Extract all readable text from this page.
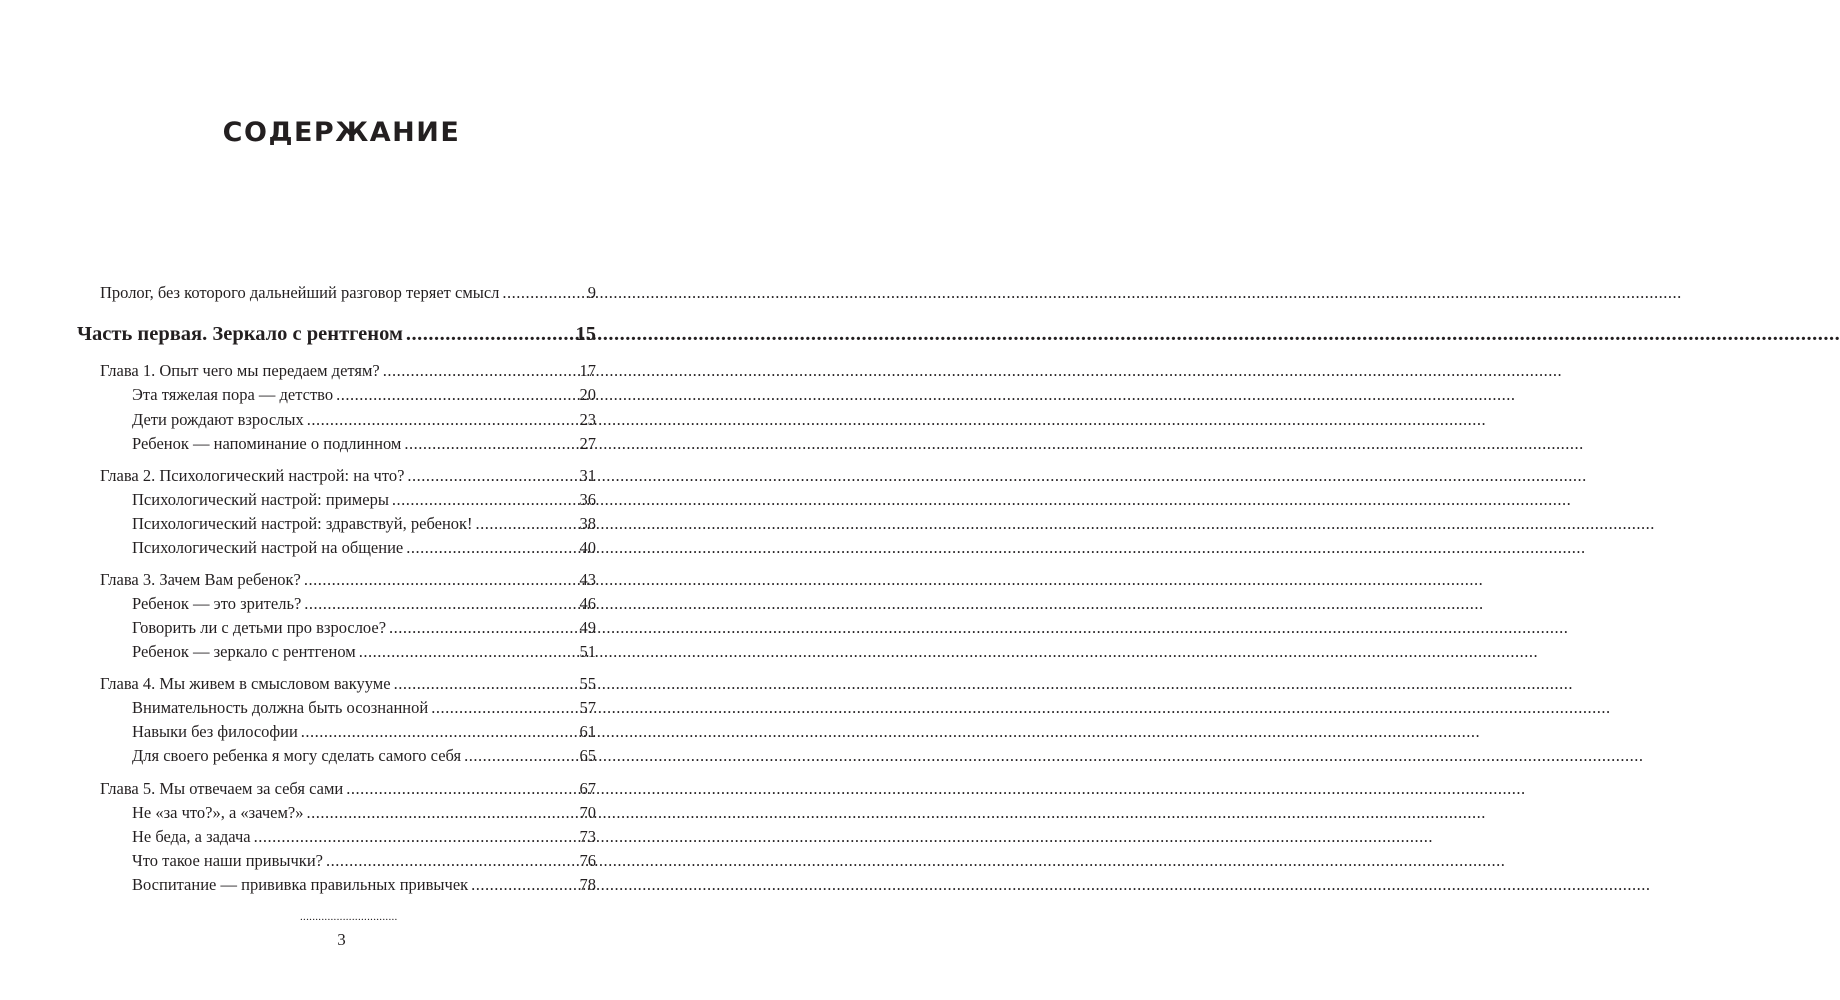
СОДЕРЖАНИЕ
Пролог, без которого дальнейший разговор теряет смысл .....	9
Часть первая. Зеркало с рентгеном .....	15
Глава 1. Опыт чего мы передаем детям? .....	17
Эта тяжелая пора — детство .....	20
Дети рождают взрослых .....	23
Ребенок — напоминание о подлинном .....	27
Глава 2. Психологический настрой: на что? .....	31
Психологический настрой: примеры .....	36
Психологический настрой: здравствуй, ребенок! .....	38
Психологический настрой на общение .....	40
Глава 3. Зачем Вам ребенок? .....	43
Ребенок — это зритель? .....	46
Говорить ли с детьми про взрослое? .....	49
Ребенок — зеркало с рентгеном .....	51
Глава 4. Мы живем в смысловом вакууме .....	55
Внимательность должна быть осознанной .....	57
Навыки без философии .....	61
Для своего ребенка я могу сделать самого себя .....	65
Глава 5. Мы отвечаем за себя сами .....	67
Не «за что?», а «зачем?» .....	70
Не беда, а задача .....	73
Что такое наши привычки? .....	76
Воспитание — прививка правильных привычек .....	78
................................
3
